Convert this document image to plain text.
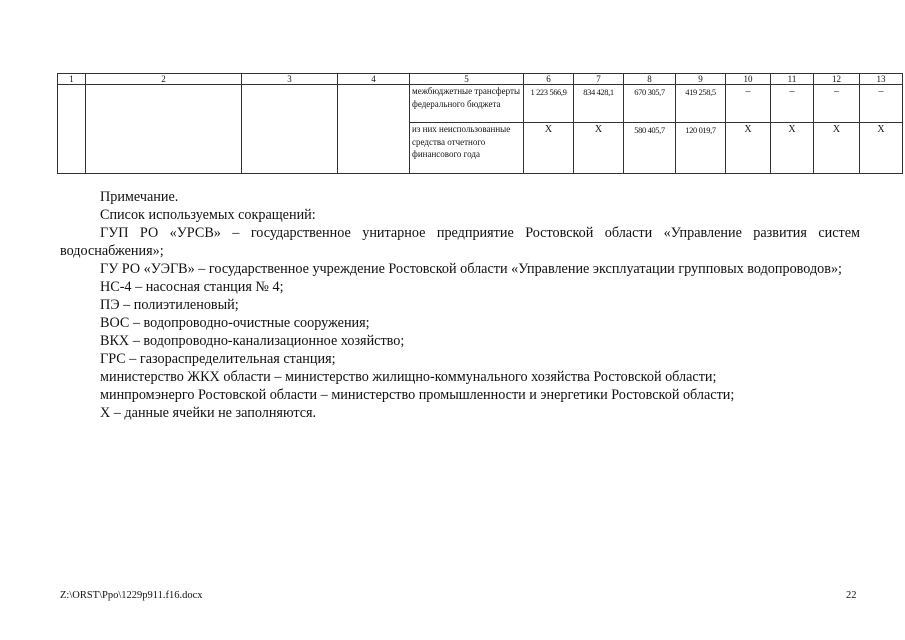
1	2	3	4	5	6	7	8	9	10	11	12	13
				межбюджетные трансферты федерального бюджета	1 223 566,9	834 428,1	670 305,7	419 258,5	–	–	–	–
				из них неиспользованные средства отчетного финансового года	Х	Х	580 405,7	120 019,7	Х	Х	Х	Х

Примечание.

Список используемых сокращений:

ГУП РО «УРСВ» – государственное унитарное предприятие Ростовской области «Управление развития систем водоснабжения»;

ГУ РО «УЭГВ» – государственное учреждение Ростовской области «Управление эксплуатации групповых водопроводов»;

НС-4 – насосная станция № 4;

ПЭ – полиэтиленовый;

ВОС – водопроводно-очистные сооружения;

ВКХ – водопроводно-канализационное хозяйство;

ГРС – газораспределительная станция;

министерство ЖКХ области – министерство жилищно-коммунального хозяйства Ростовской области;

минпромэнерго Ростовской области – министерство промышленности и энергетики Ростовской области;

Х – данные ячейки не заполняются.

Z:\ORST\Ppo\1229p911.f16.docx	22
